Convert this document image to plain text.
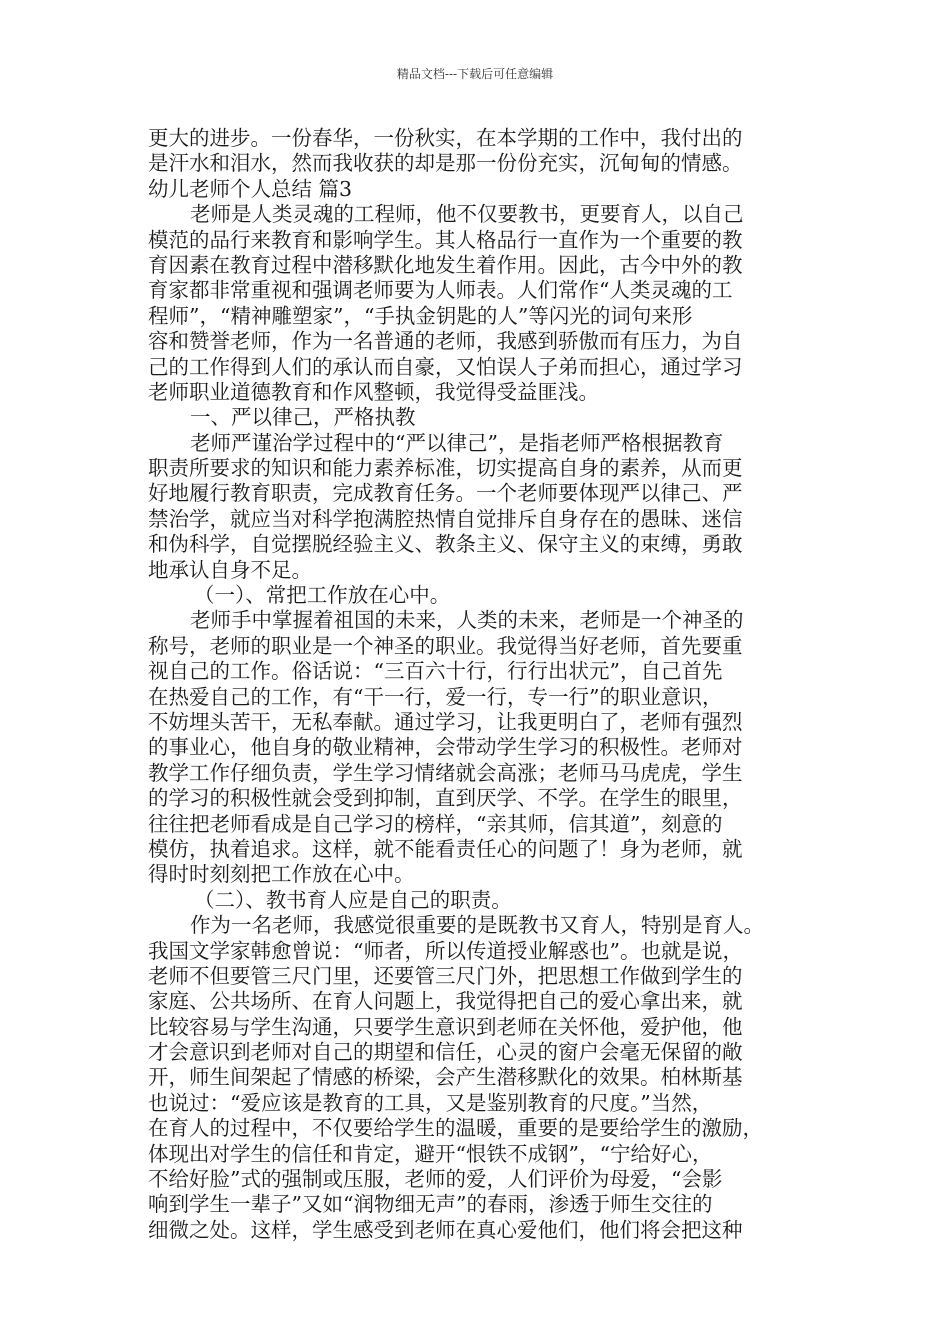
精品文档---下载后可任意编辑
更大的进步。一份春华，一份秋实，在本学期的工作中，我付出的
是汗水和泪水，然而我收获的却是那一份份充实，沉甸甸的情感。
幼儿老师个人总结 篇3
老师是人类灵魂的工程师，他不仅要教书，更要育人，以自己
模范的品行来教育和影响学生。其人格品行一直作为一个重要的教
育因素在教育过程中潜移默化地发生着作用。因此，古今中外的教
育家都非常重视和强调老师要为人师表。人们常作“人类灵魂的工
程师”，“精神雕塑家”，“手执金钥匙的人”等闪光的词句来形
容和赞誉老师，作为一名普通的老师，我感到骄傲而有压力，为自
己的工作得到人们的承认而自豪，又怕误人子弟而担心，通过学习
老师职业道德教育和作风整顿，我觉得受益匪浅。
一、严以律己，严格执教
老师严谨治学过程中的“严以律己”，是指老师严格根据教育
职责所要求的知识和能力素养标准，切实提高自身的素养，从而更
好地履行教育职责，完成教育任务。一个老师要体现严以律己、严
禁治学，就应当对科学抱满腔热情自觉排斥自身存在的愚昧、迷信
和伪科学，自觉摆脱经验主义、教条主义、保守主义的束缚，勇敢
地承认自身不足。
（一）、常把工作放在心中。
老师手中掌握着祖国的未来，人类的未来，老师是一个神圣的
称号，老师的职业是一个神圣的职业。我觉得当好老师，首先要重
视自己的工作。俗话说：“三百六十行，行行出状元”，自己首先
在热爱自己的工作，有“干一行，爱一行，专一行”的职业意识，
不妨埋头苦干，无私奉献。通过学习，让我更明白了，老师有强烈
的事业心，他自身的敬业精神，会带动学生学习的积极性。老师对
教学工作仔细负责，学生学习情绪就会高涨；老师马马虎虎，学生
的学习的积极性就会受到抑制，直到厌学、不学。在学生的眼里，
往往把老师看成是自己学习的榜样，“亲其师，信其道”，刻意的
模仿，执着追求。这样，就不能看责任心的问题了！身为老师，就
得时时刻刻把工作放在心中。
（二）、教书育人应是自己的职责。
作为一名老师，我感觉很重要的是既教书又育人，特别是育人。
我国文学家韩愈曾说：“师者，所以传道授业解惑也”。也就是说，
老师不但要管三尺门里，还要管三尺门外，把思想工作做到学生的
家庭、公共场所、在育人问题上，我觉得把自己的爱心拿出来，就
比较容易与学生沟通，只要学生意识到老师在关怀他，爱护他，他
才会意识到老师对自己的期望和信任，心灵的窗户会毫无保留的敞
开，师生间架起了情感的桥梁，会产生潜移默化的效果。柏林斯基
也说过：“爱应该是教育的工具，又是鉴别教育的尺度。”当然，
在育人的过程中，不仅要给学生的温暖，重要的是要给学生的激励，
体现出对学生的信任和肯定，避开“恨铁不成钢”，“宁给好心，
不给好脸”式的强制或压服，老师的爱，人们评价为母爱，“会影
响到学生一辈子”又如“润物细无声”的春雨，渗透于师生交往的
细微之处。这样，学生感受到老师在真心爱他们，他们将会把这种
